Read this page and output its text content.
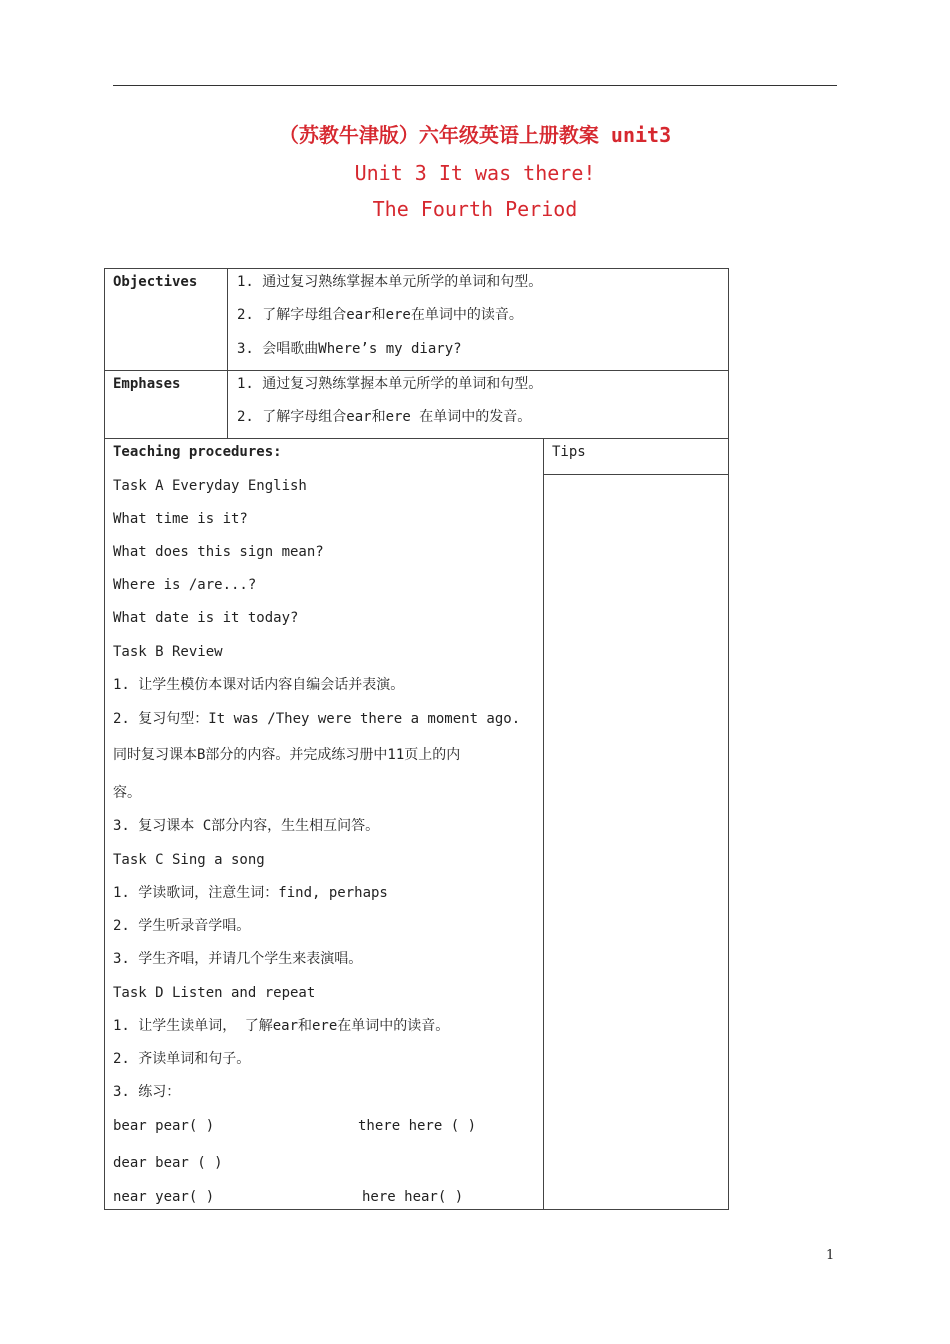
（苏教牛津版）六年级英语上册教案 unit3
Unit 3 It was there!
The Fourth Period
Objectives	1. 通过复习熟练掌握本单元所学的单词和句型。
2. 了解字母组合ear和ere在单词中的读音。
3. 会唱歌曲Where’s my diary?
Emphases	1. 通过复习熟练掌握本单元所学的单词和句型。
2. 了解字母组合ear和ere 在单词中的发音。
Teaching procedures:	Tips
Task A Everyday English
What time is it?
What does this sign mean?
Where is /are...?
What date is it today?
Task B Review
1. 让学生模仿本课对话内容自编会话并表演。
2. 复习句型：It was /They were there a moment ago.
同时复习课本B部分的内容。并完成练习册中11页上的内
容。
3. 复习课本 C部分内容，生生相互问答。
Task C Sing a song
1. 学读歌词，注意生词：find, perhaps
2. 学生听录音学唱。
3. 学生齐唱，并请几个学生来表演唱。
Task D Listen and repeat
1. 让学生读单词， 了解ear和ere在单词中的读音。
2. 齐读单词和句子。
3. 练习：
bear pear( )	there here ( )
dear bear ( )
near year( )	here hear( )
1
